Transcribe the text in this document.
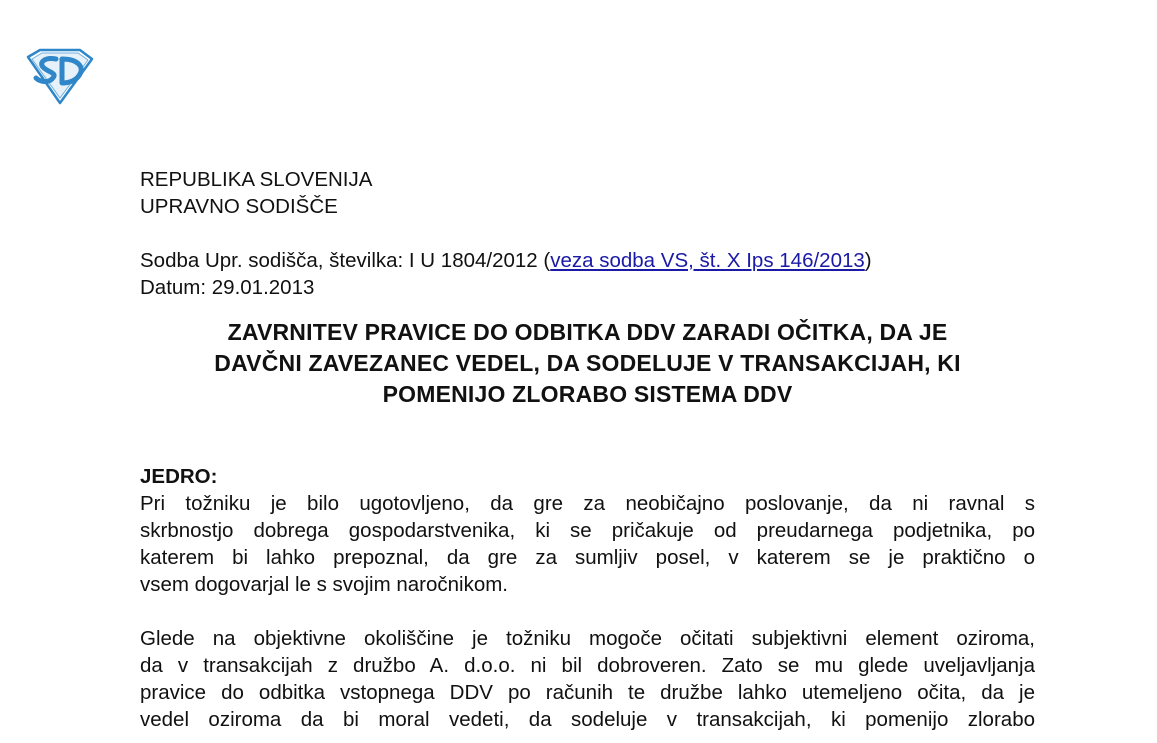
REPUBLIKA SLOVENIJA
UPRAVNO SODIŠČE
Sodba Upr. sodišča, številka: I U 1804/2012 (veza sodba VS, št. X Ips 146/2013)
Datum: 29.01.2013
ZAVRNITEV PRAVICE DO ODBITKA DDV ZARADI OČITKA, DA JE
DAVČNI ZAVEZANEC VEDEL, DA SODELUJE V TRANSAKCIJAH, KI
POMENIJO ZLORABO SISTEMA DDV
JEDRO:
Pri tožniku je bilo ugotovljeno, da gre za neobičajno poslovanje, da ni ravnal s
skrbnostjo dobrega gospodarstvenika, ki se pričakuje od preudarnega podjetnika, po
katerem bi lahko prepoznal, da gre za sumljiv posel, v katerem se je praktično o
vsem dogovarjal le s svojim naročnikom.
Glede na objektivne okoliščine je tožniku mogoče očitati subjektivni element oziroma,
da v transakcijah z družbo A. d.o.o. ni bil dobroveren. Zato se mu glede uveljavljanja
pravice do odbitka vstopnega DDV po računih te družbe lahko utemeljeno očita, da je
vedel oziroma da bi moral vedeti, da sodeluje v transakcijah, ki pomenijo zlorabo
